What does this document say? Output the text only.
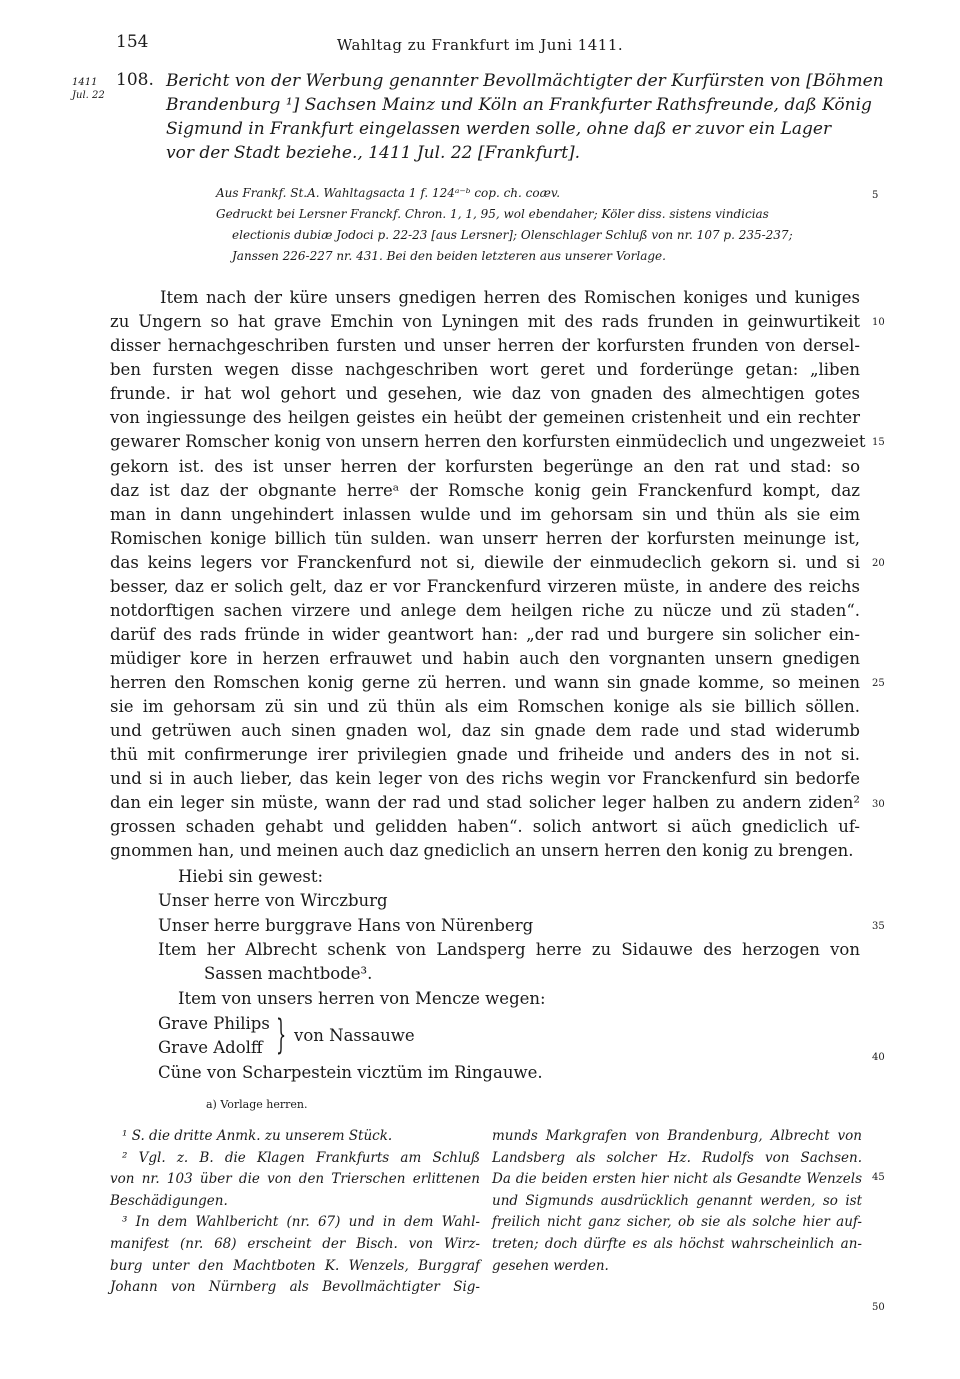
154	Wahltag zu Frankfurt im Juni 1411.
1411
Jul. 22
108. Bericht von der Werbung genannter Bevollmächtigter der Kurfürsten von [Böhmen
Brandenburg ¹] Sachsen Mainz und Köln an Frankfurter Rathsfreunde, daß König
Sigmund in Frankfurt eingelassen werden solle, ohne daß er zuvor ein Lager
vor der Stadt beziehe., 1411 Jul. 22 [Frankfurt].
Aus Frankf. St.A. Wahltagsacta 1 f. 124ᵃ⁻ᵇ cop. ch. coæv.
Gedruckt bei Lersner Franckf. Chron. 1, 1, 95, wol ebendaher; Köler diss. sistens vindicias
electionis dubiæ Jodoci p. 22-23 [aus Lersner]; Olenschlager Schluß von nr. 107 p. 235-237;
Janssen 226-227 nr. 431. Bei den beiden letzteren aus unserer Vorlage.
Item nach der küre unsers gnedigen herren des Romischen koniges und kuniges
zu Ungern so hat grave Emchin von Lyningen mit des rads frunden in geinwurtikeit
disser hernachgeschriben fursten und unser herren der korfursten frunden von dersel-
ben fursten wegen disse nachgeschriben wort geret und forderünge getan: „liben
frunde. ir hat wol gehort und gesehen, wie daz von gnaden des almechtigen gotes
von ingiessunge des heilgen geistes ein heübt der gemeinen cristenheit und ein rechter
gewarer Romscher konig von unsern herren den korfursten einmüdeclich und ungezweiet
gekorn ist. des ist unser herren der korfursten begerünge an den rat und stad: so
daz ist daz der obgnante herreᵃ der Romsche konig gein Franckenfurd kompt, daz
man in dann ungehindert inlassen wulde und im gehorsam sin und thün als sie eim
Romischen konige billich tün sulden. wan unserr herren der korfursten meinunge ist,
das keins legers vor Franckenfurd not si, diewile der einmudeclich gekorn si. und si
besser, daz er solich gelt, daz er vor Franckenfurd virzeren müste, in andere des reichs
notdorftigen sachen virzere und anlege dem heilgen riche zu nücze und zü staden“.
darüf des rads fründe in wider geantwort han: „der rad und burgere sin solicher ein-
müdiger kore in herzen erfrauwet und habin auch den vorgnanten unsern gnedigen
herren den Romschen konig gerne zü herren. und wann sin gnade komme, so meinen
sie im gehorsam zü sin und zü thün als eim Romschen konige als sie billich söllen.
und getrüwen auch sinen gnaden wol, daz sin gnade dem rade und stad widerumb
thü mit confirmerunge irer privilegien gnade und friheide und anders des in not si.
und si in auch lieber, das kein leger von des richs wegin vor Franckenfurd sin bedorfe
dan ein leger sin müste, wann der rad und stad solicher leger halben zu andern ziden²
grossen schaden gehabt und gelidden haben“. solich antwort si aüch gnediclich uf-
gnommen han, und meinen auch daz gnediclich an unsern herren den konig zu brengen.
Hiebi sin gewest:
Unser herre von Wirczburg
Unser herre burggrave Hans von Nürenberg
Item her Albrecht schenk von Landsperg herre zu Sidauwe des herzogen von
Sassen machtbode³.
Item von unsers herren von Mencze wegen:
Grave Philips
Grave Adolff } von Nassauwe
Cüne von Scharpestein vicztüm im Ringauwe.
5
10
15
20
25
30
35
40
45
50
a) Vorlage herren.
¹ S. die dritte Anmk. zu unserem Stück.
² Vgl. z. B. die Klagen Frankfurts am Schluß
von nr. 103 über die von den Trierschen erlittenen
Beschädigungen.
³ In dem Wahlbericht (nr. 67) und in dem Wahl-
manifest (nr. 68) erscheint der Bisch. von Wirz-
burg unter den Machtboten K. Wenzels, Burggraf
Johann von Nürnberg als Bevollmächtigter Sig-
munds Markgrafen von Brandenburg, Albrecht von
Landsberg als solcher Hz. Rudolfs von Sachsen.
Da die beiden ersten hier nicht als Gesandte Wenzels
und Sigmunds ausdrücklich genannt werden, so ist
freilich nicht ganz sicher, ob sie als solche hier auf-
treten; doch dürfte es als höchst wahrscheinlich an-
gesehen werden.
